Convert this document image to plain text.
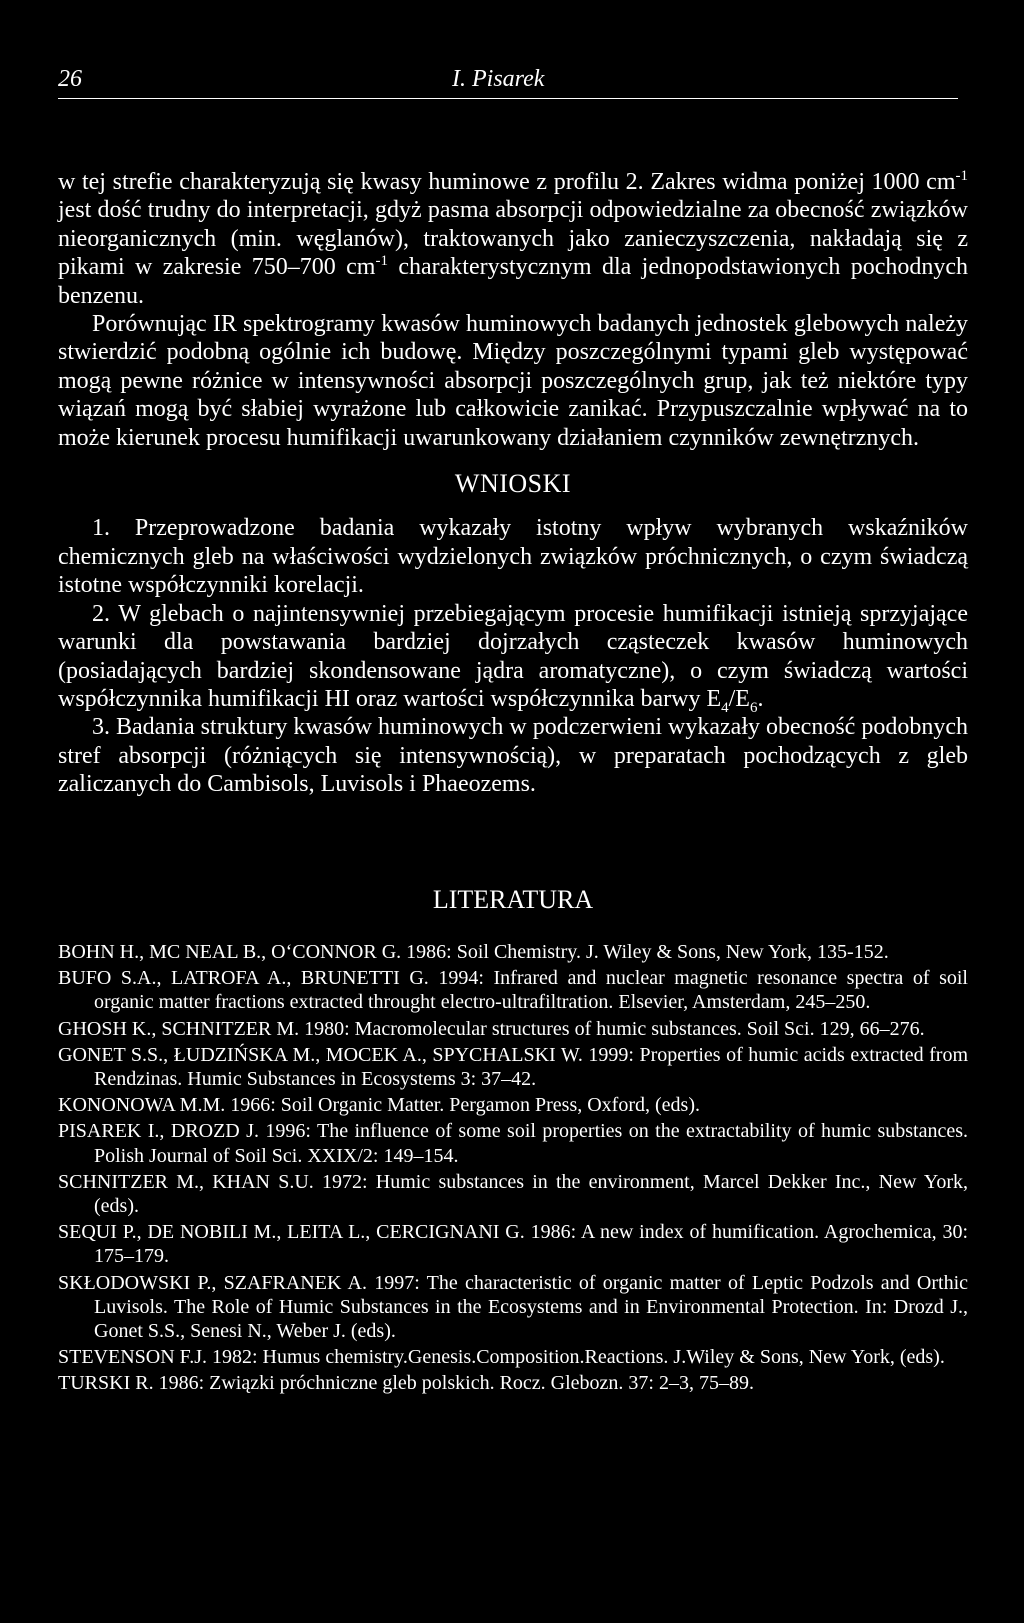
26	I. Pisarek

w tej strefie charakteryzują się kwasy huminowe z profilu 2. Zakres widma poniżej 1000 $cm^{-1}$ jest dość trudny do interpretacji, gdyż pasma absorpcji odpowiedzialne za obecność związków nieorganicznych (min. węglanów), traktowanych jako zanieczyszczenia, nakładają się z pikami w zakresie 750–700 $cm^{-1}$ charakterystycznym dla jednopodstawionych pochodnych benzenu.

Porównując IR spektrogramy kwasów huminowych badanych jednostek glebowych należy stwierdzić podobną ogólnie ich budowę. Między poszczególnymi typami gleb występować mogą pewne różnice w intensywności absorpcji poszczególnych grup, jak też niektóre typy wiązań mogą być słabiej wyrażone lub całkowicie zanikać. Przypuszczalnie wpływać na to może kierunek procesu humifikacji uwarunkowany działaniem czynników zewnętrznych.

WNIOSKI

1. Przeprowadzone badania wykazały istotny wpływ wybranych wskaźników chemicznych gleb na właściwości wydzielonych związków próchnicznych, o czym świadczą istotne współczynniki korelacji.

2. W glebach o najintensywniej przebiegającym procesie humifikacji istnieją sprzyjające warunki dla powstawania bardziej dojrzałych cząsteczek kwasów huminowych (posiadających bardziej skondensowane jądra aromatyczne), o czym świadczą wartości współczynnika humifikacji HI oraz wartości współczynnika barwy $E_4/E_6$.

3. Badania struktury kwasów huminowych w podczerwieni wykazały obecność podobnych stref absorpcji (różniących się intensywnością), w preparatach pochodzących z gleb zaliczanych do Cambisols, Luvisols i Phaeozems.

LITERATURA

BOHN H., MC NEAL B., O‘CONNOR G. 1986: Soil Chemistry. J. Wiley & Sons, New York, 135-152.

BUFO S.A., LATROFA A., BRUNETTI G. 1994: Infrared and nuclear magnetic resonance spectra of soil organic matter fractions extracted throught electro-ultrafiltration. Elsevier, Amsterdam, 245–250.

GHOSH K., SCHNITZER M. 1980: Macromolecular structures of humic substances. Soil Sci. 129, 66–276.

GONET S.S., ŁUDZIŃSKA M., MOCEK A., SPYCHALSKI W. 1999: Properties of humic acids extracted from Rendzinas. Humic Substances in Ecosystems 3: 37–42.

KONONOWA M.M. 1966: Soil Organic Matter. Pergamon Press, Oxford, (eds).

PISAREK I., DROZD J. 1996: The influence of some soil properties on the extractability of humic substances. Polish Journal of Soil Sci. XXIX/2: 149–154.

SCHNITZER M., KHAN S.U. 1972: Humic substances in the environment, Marcel Dekker Inc., New York, (eds).

SEQUI P., DE NOBILI M., LEITA L., CERCIGNANI G. 1986: A new index of humification. Agrochemica, 30: 175–179.

SKŁODOWSKI P., SZAFRANEK A. 1997: The characteristic of organic matter of Leptic Podzols and Orthic Luvisols. The Role of Humic Substances in the Ecosystems and in Environmental Protection. In: Drozd J., Gonet S.S., Senesi N., Weber J. (eds).

STEVENSON F.J. 1982: Humus chemistry.Genesis.Composition.Reactions. J.Wiley & Sons, New York, (eds).

TURSKI R. 1986: Związki próchniczne gleb polskich. Rocz. Glebozn. 37: 2–3, 75–89.
